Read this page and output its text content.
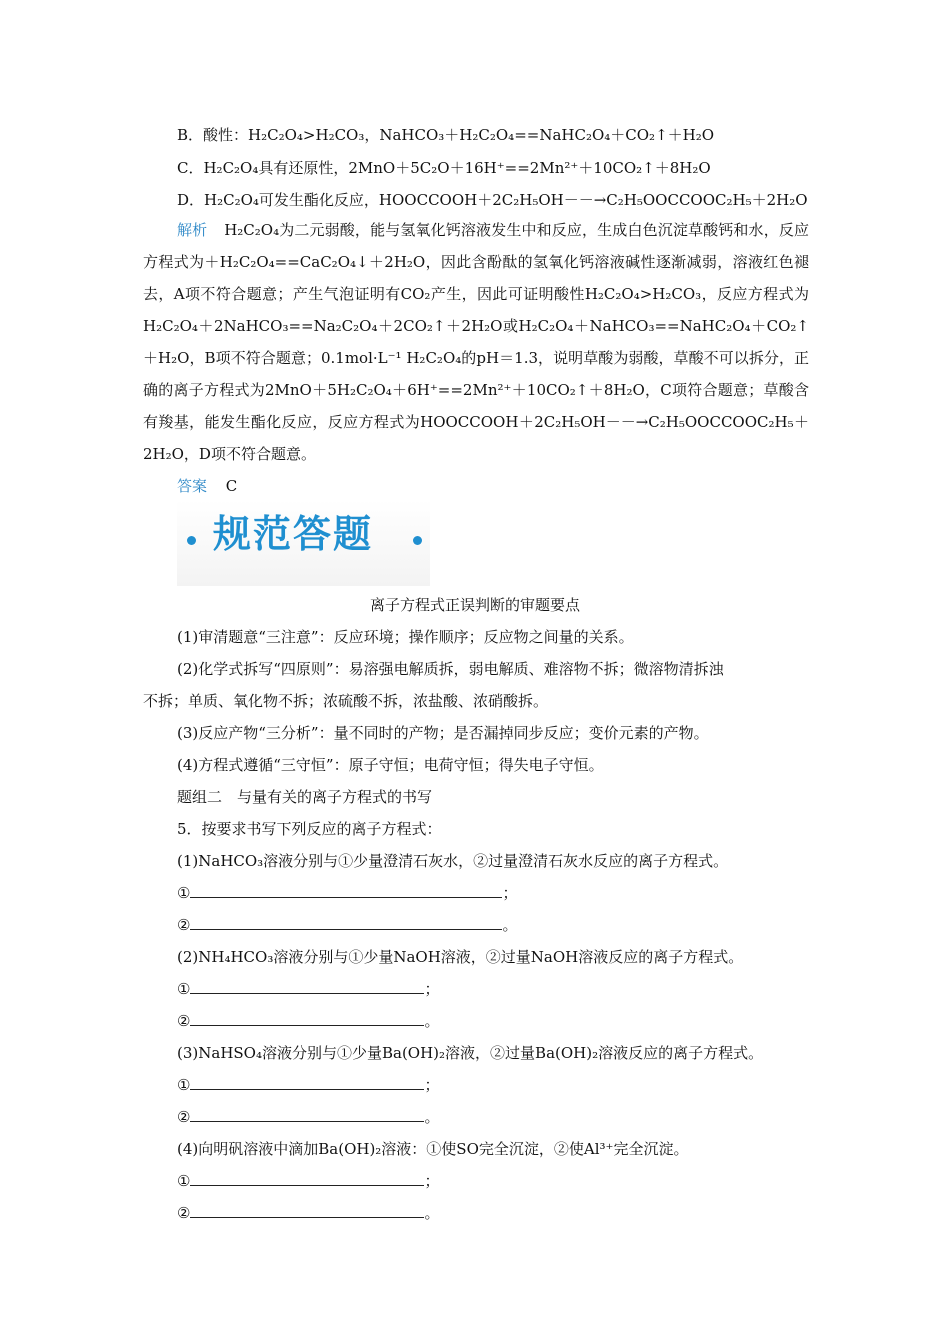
B．酸性：H₂C₂O₄>H₂CO₃，NaHCO₃＋H₂C₂O₄==NaHC₂O₄＋CO₂↑＋H₂O
C．H₂C₂O₄具有还原性，2MnO＋5C₂O＋16H⁺==2Mn²⁺＋10CO₂↑＋8H₂O
D．H₂C₂O₄可发生酯化反应，HOOCCOOH＋2C₂H₅OH－－→C₂H₅OOCCOOC₂H₅＋2H₂O
解析 H₂C₂O₄为二元弱酸，能与氢氧化钙溶液发生中和反应，生成白色沉淀草酸钙和水，反应方程式为＋H₂C₂O₄==CaC₂O₄↓＋2H₂O，因此含酚酞的氢氧化钙溶液碱性逐渐减弱，溶液红色褪去，A项不符合题意；产生气泡证明有CO₂产生，因此可证明酸性H₂C₂O₄>H₂CO₃，反应方程式为H₂C₂O₄＋2NaHCO₃==Na₂C₂O₄＋2CO₂↑＋2H₂O或H₂C₂O₄＋NaHCO₃==NaHC₂O₄＋CO₂↑＋H₂O，B项不符合题意；0.1mol·L⁻¹ H₂C₂O₄的pH＝1.3，说明草酸为弱酸，草酸不可以拆分，正确的离子方程式为2MnO＋5H₂C₂O₄＋6H⁺==2Mn²⁺＋10CO₂↑＋8H₂O，C项符合题意；草酸含有羧基，能发生酯化反应，反应方程式为HOOCCOOH＋2C₂H₅OH－－→C₂H₅OOCCOOC₂H₅＋2H₂O，D项不符合题意。
答案 C
规范答题
离子方程式正误判断的审题要点
(1)审清题意“三注意”：反应环境；操作顺序；反应物之间量的关系。
(2)化学式拆写“四原则”：易溶强电解质拆，弱电解质、难溶物不拆；微溶物清拆浊
不拆；单质、氧化物不拆；浓硫酸不拆，浓盐酸、浓硝酸拆。
(3)反应产物“三分析”：量不同时的产物；是否漏掉同步反应；变价元素的产物。
(4)方程式遵循“三守恒”：原子守恒；电荷守恒；得失电子守恒。
题组二　与量有关的离子方程式的书写
5．按要求书写下列反应的离子方程式：
(1)NaHCO₃溶液分别与①少量澄清石灰水，②过量澄清石灰水反应的离子方程式。
①	；
②	。
(2)NH₄HCO₃溶液分别与①少量NaOH溶液，②过量NaOH溶液反应的离子方程式。
①	；
②	。
(3)NaHSO₄溶液分别与①少量Ba(OH)₂溶液，②过量Ba(OH)₂溶液反应的离子方程式。
①	；
②	。
(4)向明矾溶液中滴加Ba(OH)₂溶液：①使SO完全沉淀，②使Al³⁺完全沉淀。
①	；
②	。
